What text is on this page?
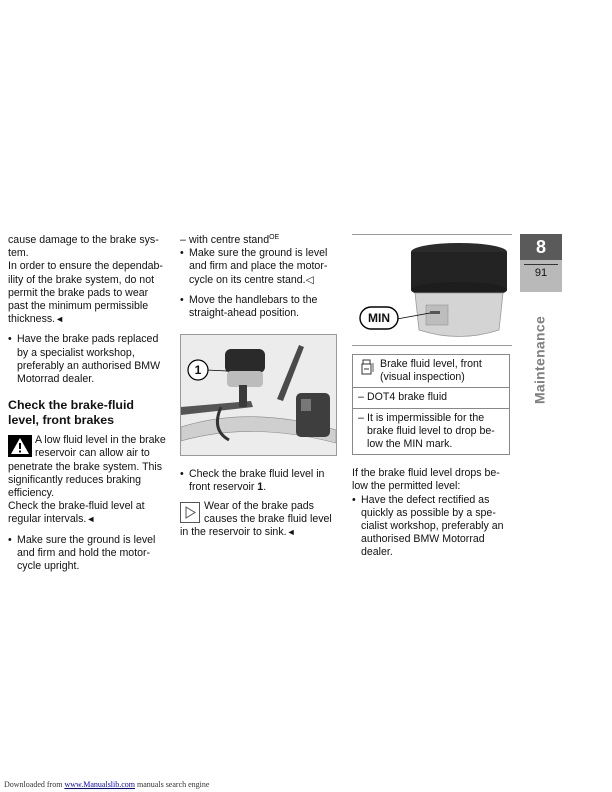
cause damage to the brake sys-tem.

In order to ensure the dependab-ility of the brake system, do not permit the brake pads to wear past the minimum permissible thickness.◄

• Have the brake pads replaced by a specialist workshop, preferably an authorised BMW Motorrad dealer.
Check the brake-fluid level, front brakes

A low fluid level in the brake reservoir can allow air to penetrate the brake system. This significantly reduces braking efficiency.

Check the brake-fluid level at regular intervals.◄

• Make sure the ground is level and firm and hold the motor-cycle upright.
– with centre stand$^{OE}$
• Make sure the ground is level and firm and place the motor-cycle on its centre stand.◁
• Move the handlebars to the straight-ahead position.
1
• Check the brake fluid level in front reservoir 1.

Wear of the brake pads causes the brake fluid level in the reservoir to sink.◄

MIN
Brake fluid level, front (visual inspection)
– DOT4 brake fluid
– It is impermissible for the brake fluid level to drop be-low the MIN mark.

If the brake fluid level drops be-low the permitted level:

• Have the defect rectified as quickly as possible by a spe-cialist workshop, preferably an authorised BMW Motorrad dealer.
8
91
Maintenance
Downloaded from www.Manualslib.com manuals search engine
